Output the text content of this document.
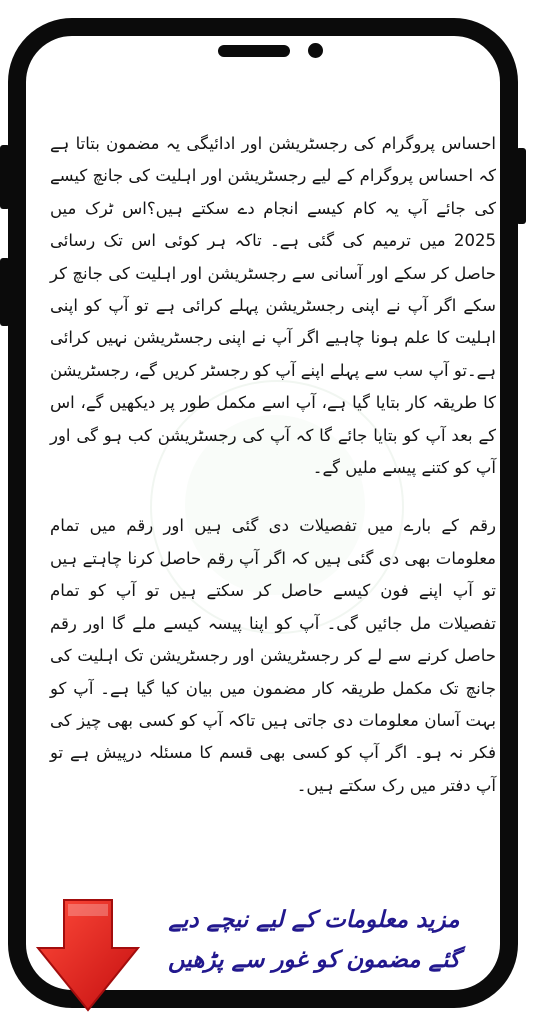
احساس پروگرام کی رجسٹریشن اور ادائیگی یہ مضمون بتاتا ہے کہ احساس پروگرام کے لیے رجسٹریشن اور اہلیت کی جانچ کیسے کی جائے آپ یہ کام کیسے انجام دے سکتے ہیں؟اس ٹرک میں 2025 میں ترمیم کی گئی ہے۔ تاکہ ہر کوئی اس تک رسائی حاصل کر سکے اور آسانی سے رجسٹریشن اور اہلیت کی جانچ کر سکے اگر آپ نے اپنی رجسٹریشن پہلے کرائی ہے تو آپ کو اپنی اہلیت کا علم ہونا چاہیے اگر آپ نے اپنی رجسٹریشن نہیں کرائی ہے۔تو آپ سب سے پہلے اپنے آپ کو رجسٹر کریں گے، رجسٹریشن کا طریقہ کار بتایا گیا ہے، آپ اسے مکمل طور پر دیکھیں گے، اس کے بعد آپ کو بتایا جائے گا کہ آپ کی رجسٹریشن کب ہو گی اور آپ کو کتنے پیسے ملیں گے۔

رقم کے بارے میں تفصیلات دی گئی ہیں اور رقم میں تمام معلومات بھی دی گئی ہیں کہ اگر آپ رقم حاصل کرنا چاہتے ہیں تو آپ اپنے فون کیسے حاصل کر سکتے ہیں تو آپ کو تمام تفصیلات مل جائیں گی۔ آپ کو اپنا پیسہ کیسے ملے گا اور رقم حاصل کرنے سے لے کر رجسٹریشن اور رجسٹریشن تک اہلیت کی جانچ تک مکمل طریقہ کار مضمون میں بیان کیا گیا ہے۔ آپ کو بہت آسان معلومات دی جاتی ہیں تاکہ آپ کو کسی بھی چیز کی فکر نہ ہو۔ اگر آپ کو کسی بھی قسم کا مسئلہ درپیش ہے تو آپ دفتر میں رک سکتے ہیں۔

مزید معلومات کے لیے نیچے دیے
گئے مضمون کو غور سے پڑھیں
